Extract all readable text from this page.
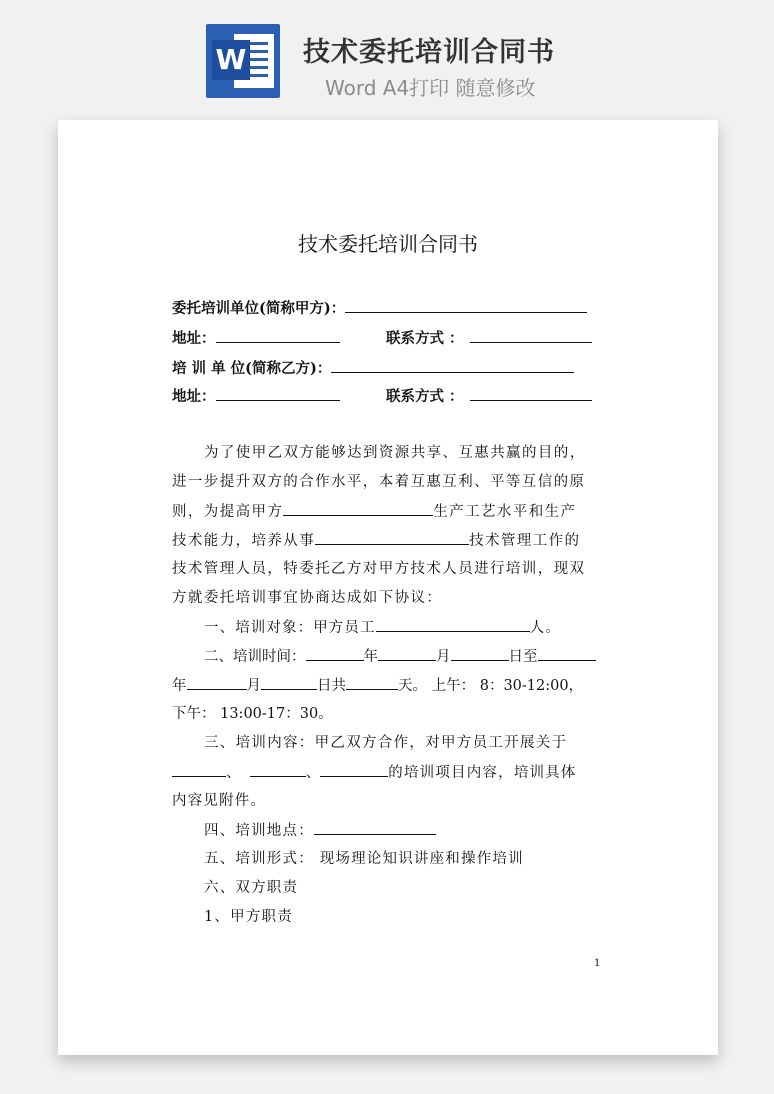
W 技术委托培训合同书
Word A4打印 随意修改
技术委托培训合同书
委托培训单位(简称甲方)：
地址：	联系方式 ：
培 训 单 位(简称乙方)：
地址：	联系方式 ：
为了使甲乙双方能够达到资源共享、互惠共赢的目的，
进一步提升双方的合作水平，本着互惠互利、平等互信的原
则，为提高甲方	生产工艺水平和生产
技术能力，培养从事	技术管理工作的
技术管理人员，特委托乙方对甲方技术人员进行培训，现双
方就委托培训事宜协商达成如下协议：
一、培训对象：甲方员工	人。
二、培训时间：	年	月	日至
年	月	日共	天。 上午： 8：30-12:00，
下午： 13:00-17：30。
三、培训内容：甲乙双方合作，对甲方员工开展关于
、	、	的培训项目内容，培训具体
内容见附件。
四、培训地点：
五、培训形式： 现场理论知识讲座和操作培训
六、双方职责
1、甲方职责
1
